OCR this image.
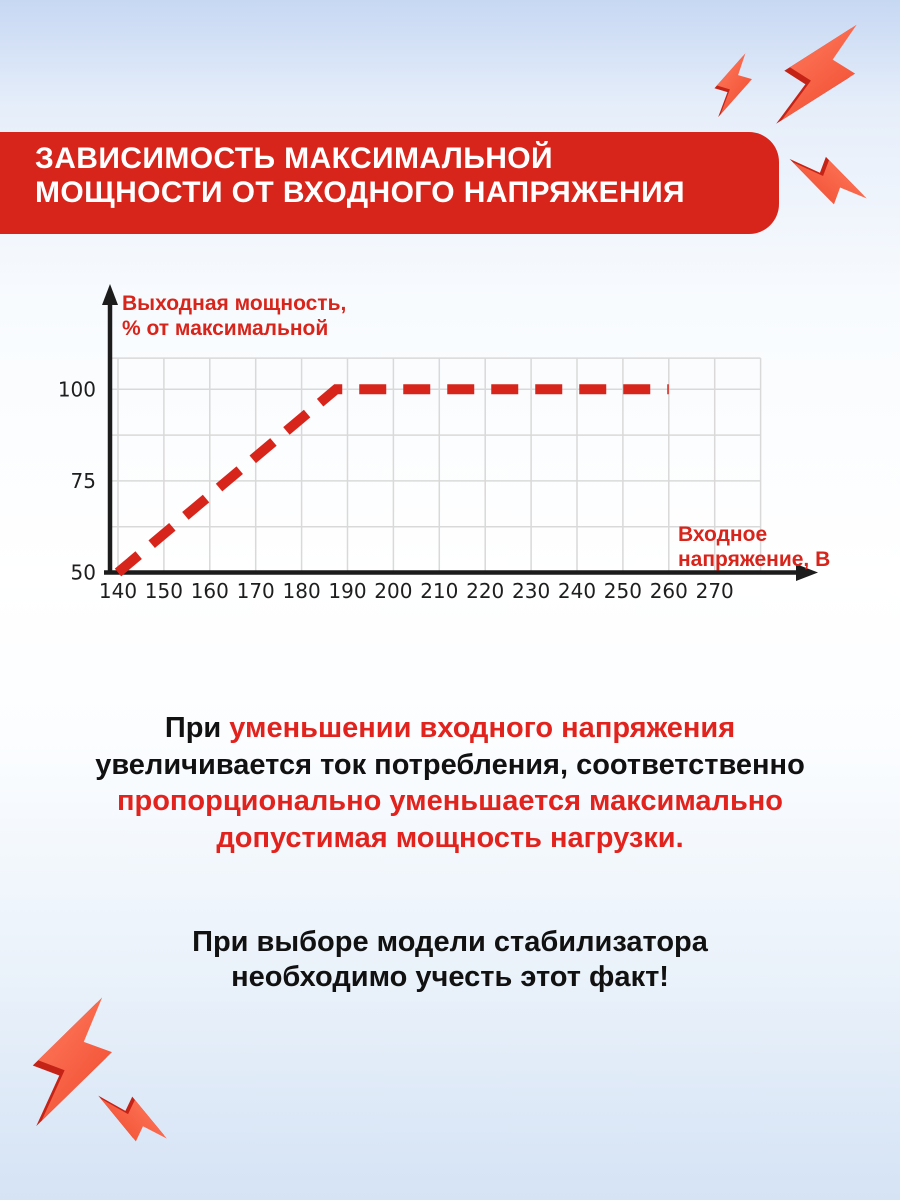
ЗАВИСИМОСТЬ МАКСИМАЛЬНОЙ
МОЩНОСТИ ОТ ВХОДНОГО НАПРЯЖЕНИЯ
140 150 160 170 180 190 200 210 220 230 240 250 260 270
50
75
100
Выходная мощность,
% от максимальной
Входное
напряжение, В
При уменьшении входного напряжения
увеличивается ток потребления, соответственно
пропорционально уменьшается максимально
допустимая мощность нагрузки.
При выборе модели стабилизатора
необходимо учесть этот факт!
